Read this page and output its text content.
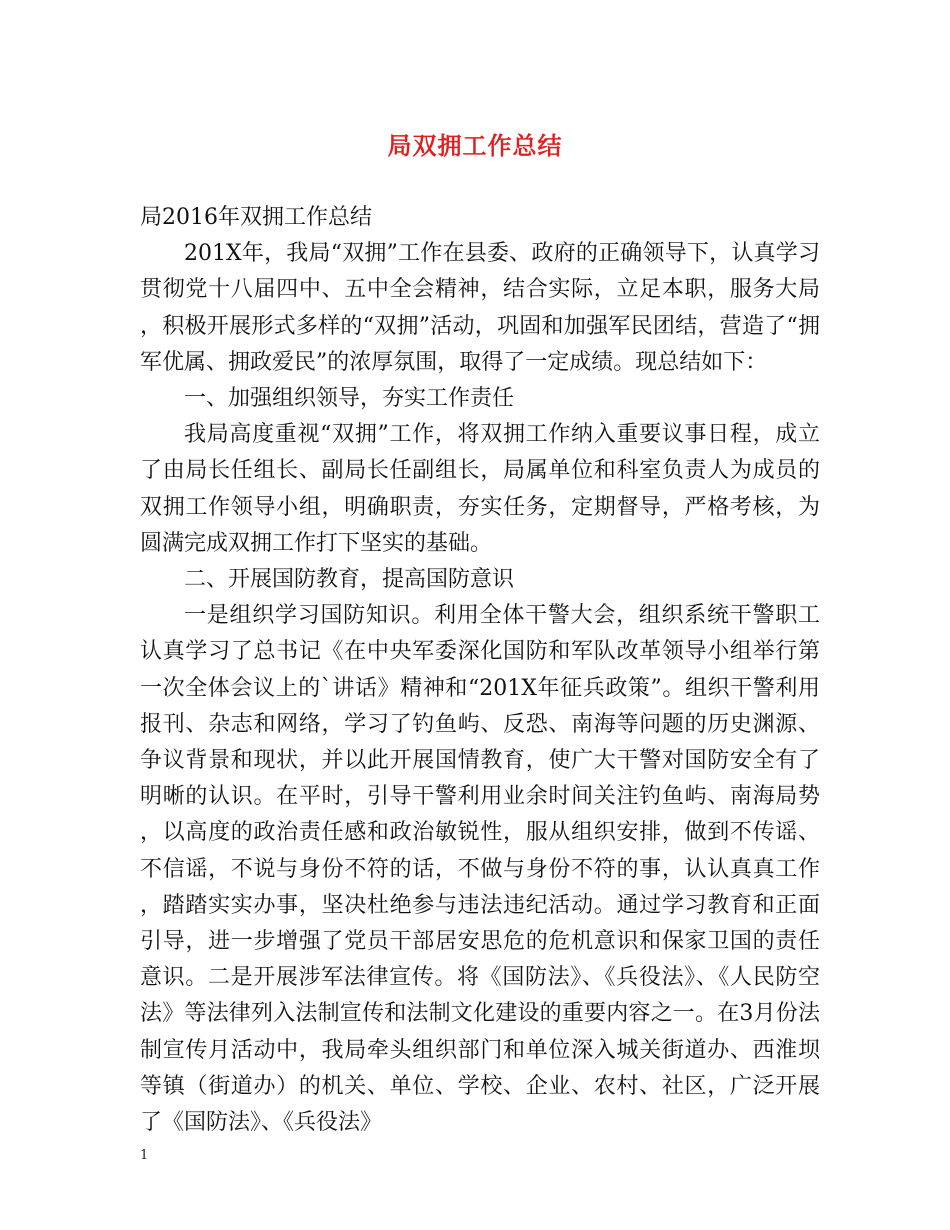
局双拥工作总结

局2016年双拥工作总结

201X年，我局“双拥”工作在县委、政府的正确领导下，认真学习贯彻党十八届四中、五中全会精神，结合实际，立足本职，服务大局，积极开展形式多样的“双拥”活动，巩固和加强军民团结，营造了“拥军优属、拥政爱民”的浓厚氛围，取得了一定成绩。现总结如下：

一、加强组织领导，夯实工作责任

我局高度重视“双拥”工作，将双拥工作纳入重要议事日程，成立了由局长任组长、副局长任副组长，局属单位和科室负责人为成员的双拥工作领导小组，明确职责，夯实任务，定期督导，严格考核，为圆满完成双拥工作打下坚实的基础。

二、开展国防教育，提高国防意识

一是组织学习国防知识。利用全体干警大会，组织系统干警职工认真学习了总书记《在中央军委深化国防和军队改革领导小组举行第一次全体会议上的`讲话》精神和“201X年征兵政策”。组织干警利用报刊、杂志和网络，学习了钓鱼屿、反恐、南海等问题的历史渊源、争议背景和现状，并以此开展国情教育，使广大干警对国防安全有了明晰的认识。在平时，引导干警利用业余时间关注钓鱼屿、南海局势，以高度的政治责任感和政治敏锐性，服从组织安排，做到不传谣、不信谣，不说与身份不符的话，不做与身份不符的事，认认真真工作，踏踏实实办事，坚决杜绝参与违法违纪活动。通过学习教育和正面引导，进一步增强了党员干部居安思危的危机意识和保家卫国的责任意识。二是开展涉军法律宣传。将《国防法》、《兵役法》、《人民防空法》等法律列入法制宣传和法制文化建设的重要内容之一。在3月份法制宣传月活动中，我局牵头组织部门和单位深入城关街道办、西淮坝等镇（街道办）的机关、单位、学校、企业、农村、社区，广泛开展了《国防法》、《兵役法》

1
